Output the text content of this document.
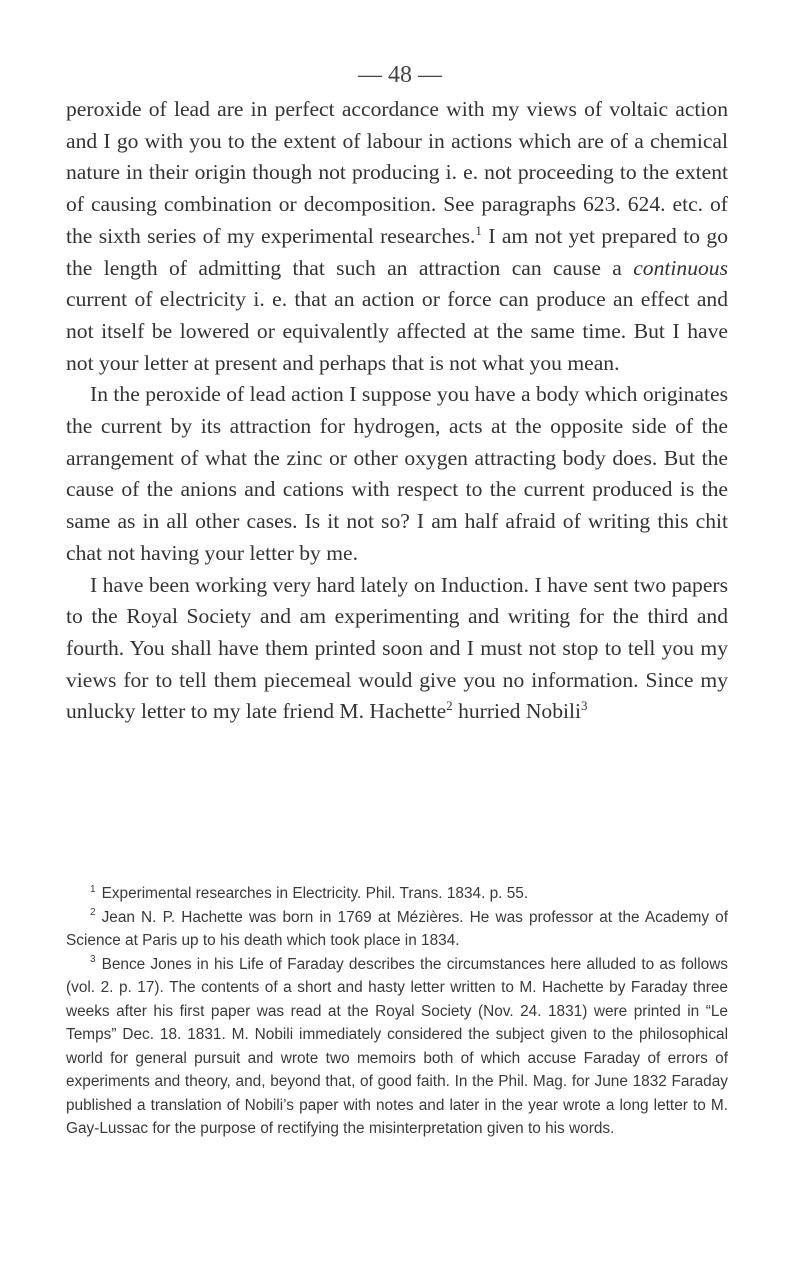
— 48 —

peroxide of lead are in perfect accordance with my views of voltaic action and I go with you to the extent of labour in actions which are of a chemical nature in their origin though not producing i. e. not proceeding to the extent of causing combination or decomposition. See paragraphs 623. 624. etc. of the sixth series of my experimental researches.$^1$ I am not yet prepared to go the length of admitting that such an attraction can cause a continuous current of electricity i. e. that an action or force can produce an effect and not itself be lowered or equivalently affected at the same time. But I have not your letter at present and perhaps that is not what you mean.

In the peroxide of lead action I suppose you have a body which originates the current by its attraction for hydrogen, acts at the opposite side of the arrangement of what the zinc or other oxygen attracting body does. But the cause of the anions and cations with respect to the current produced is the same as in all other cases. Is it not so? I am half afraid of writing this chit chat not having your letter by me.

I have been working very hard lately on Induction. I have sent two papers to the Royal Society and am experimenting and writing for the third and fourth. You shall have them printed soon and I must not stop to tell you my views for to tell them piecemeal would give you no information. Since my unlucky letter to my late friend M. Hachette$^2$ hurried Nobili$^3$

$^1$ Experimental researches in Electricity. Phil. Trans. 1834. p. 55.

$^2$ Jean N. P. Hachette was born in 1769 at Mézières. He was professor at the Academy of Science at Paris up to his death which took place in 1834.

$^3$ Bence Jones in his Life of Faraday describes the circumstances here alluded to as follows (vol. 2. p. 17). The contents of a short and hasty letter written to M. Hachette by Faraday three weeks after his first paper was read at the Royal Society (Nov. 24. 1831) were printed in “Le Temps” Dec. 18. 1831. M. Nobili immediately considered the subject given to the philosophical world for general pursuit and wrote two memoirs both of which accuse Faraday of errors of experiments and theory, and, beyond that, of good faith. In the Phil. Mag. for June 1832 Faraday published a translation of Nobili’s paper with notes and later in the year wrote a long letter to M. Gay-Lussac for the purpose of rectifying the misinterpretation given to his words.
